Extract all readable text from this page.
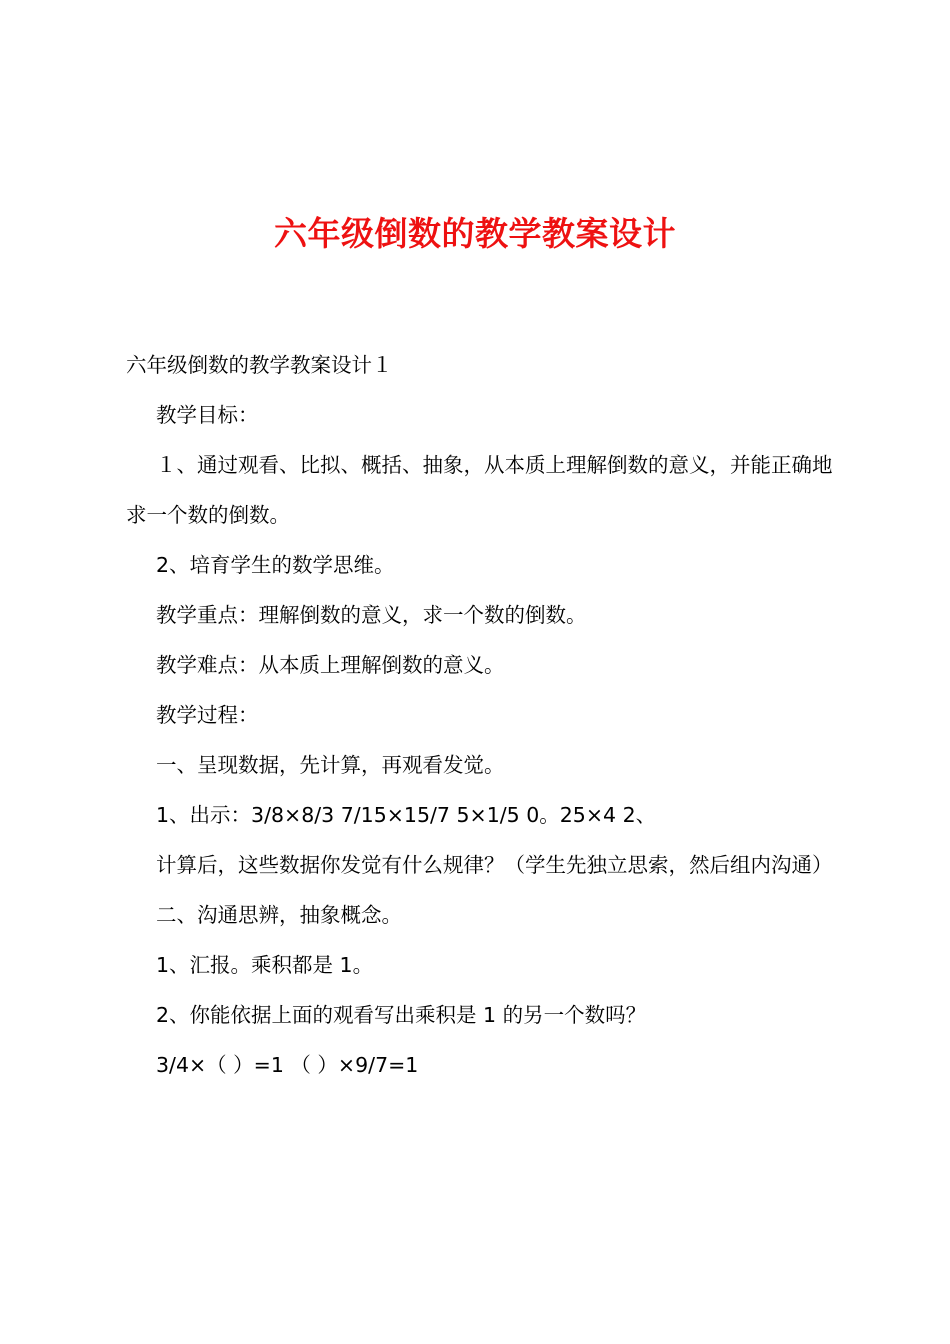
六年级倒数的教学教案设计

六年级倒数的教学教案设计１

教学目标：

１、通过观看、比拟、概括、抽象，从本质上理解倒数的意义，并能正确地求一个数的倒数。

2、培育学生的数学思维。

教学重点：理解倒数的意义，求一个数的倒数。

教学难点：从本质上理解倒数的意义。

教学过程：

一、呈现数据，先计算，再观看发觉。

1、出示：3/8×8/3 7/15×15/7 5×1/5 0。25×4 2、

计算后，这些数据你发觉有什么规律？（学生先独立思索，然后组内沟通）

二、沟通思辨，抽象概念。

1、汇报。乘积都是 1。

2、你能依据上面的观看写出乘积是 1 的另一个数吗？

3/4×（ ）=1 （ ）×9/7=1
